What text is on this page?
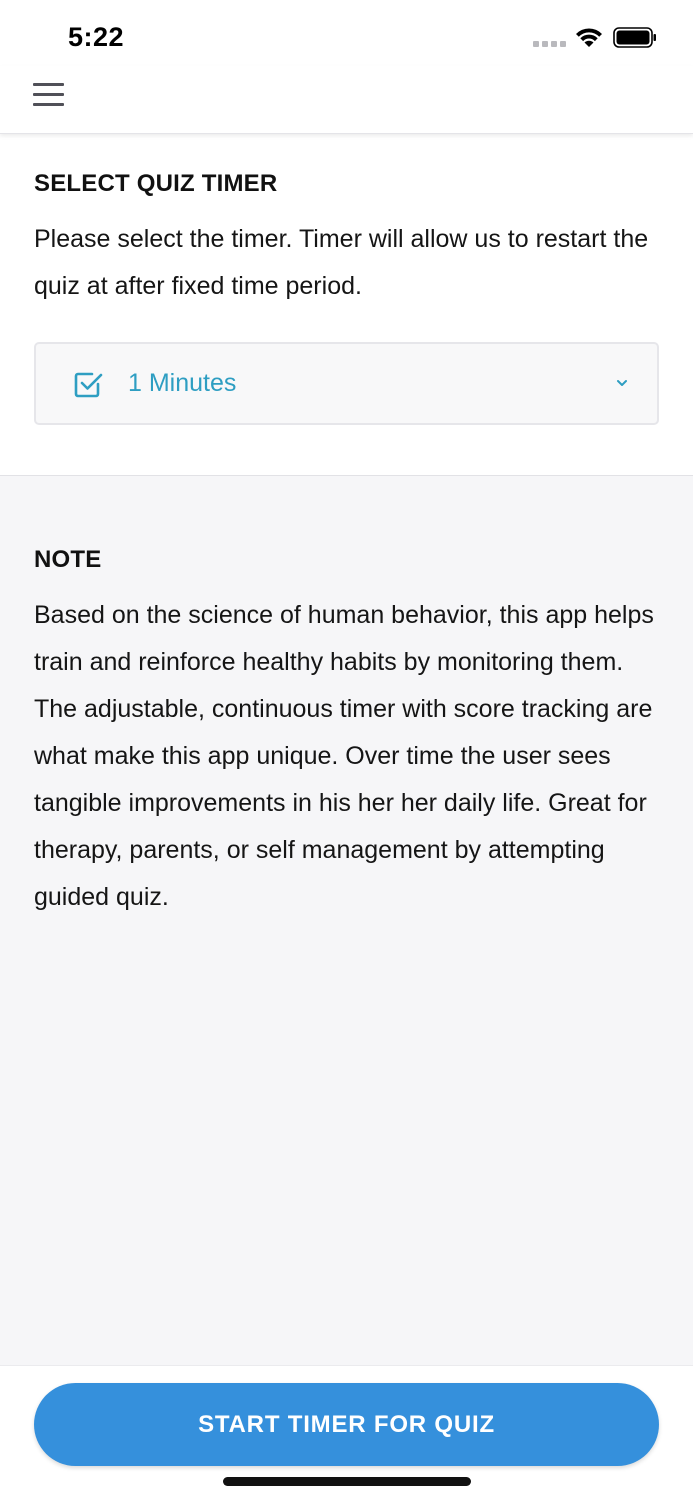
5:22
SELECT QUIZ TIMER
Please select the timer. Timer will allow us to restart the quiz at after fixed time period.
1 Minutes
NOTE
Based on the science of human behavior, this app helps train and reinforce healthy habits by monitoring them. The adjustable, continuous timer with score tracking are what make this app unique. Over time the user sees tangible improvements in his her her daily life. Great for therapy, parents, or self management by attempting guided quiz.
START TIMER FOR QUIZ
